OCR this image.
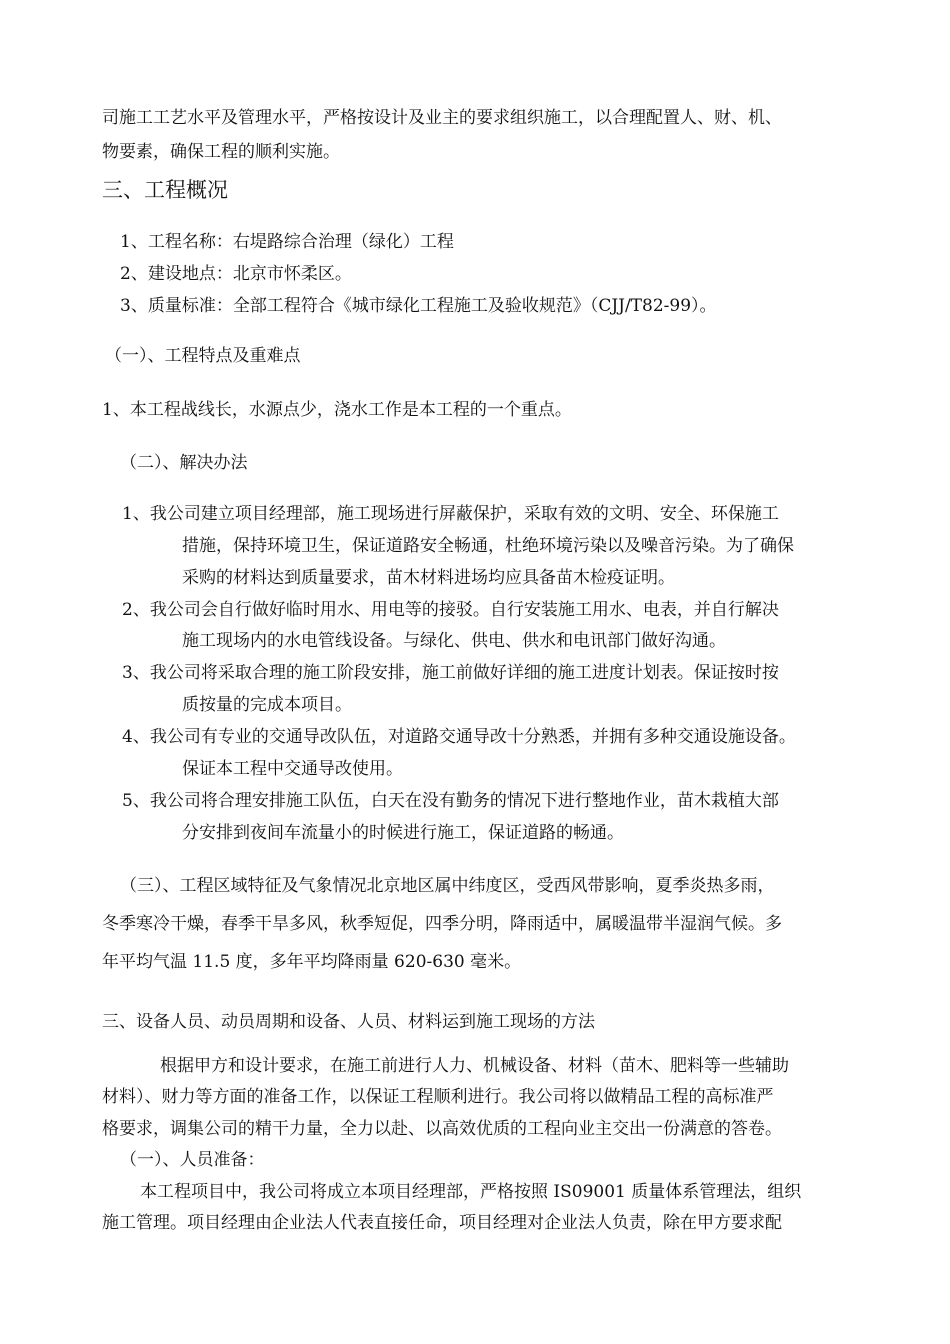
司施工工艺水平及管理水平，严格按设计及业主的要求组织施工，以合理配置人、财、机、
物要素，确保工程的顺利实施。
三、工程概况
1、工程名称：右堤路综合治理（绿化）工程
2、建设地点：北京市怀柔区。
3、质量标准：全部工程符合《城市绿化工程施工及验收规范》（CJJ/T82-99）。
（一）、工程特点及重难点
1、本工程战线长，水源点少，浇水工作是本工程的一个重点。
（二）、解决办法
1、我公司建立项目经理部，施工现场进行屏蔽保护，采取有效的文明、安全、环保施工
措施，保持环境卫生，保证道路安全畅通，杜绝环境污染以及噪音污染。为了确保
采购的材料达到质量要求，苗木材料进场均应具备苗木检疫证明。
2、我公司会自行做好临时用水、用电等的接驳。自行安装施工用水、电表，并自行解决
施工现场内的水电管线设备。与绿化、供电、供水和电讯部门做好沟通。
3、我公司将采取合理的施工阶段安排，施工前做好详细的施工进度计划表。保证按时按
质按量的完成本项目。
4、我公司有专业的交通导改队伍，对道路交通导改十分熟悉，并拥有多种交通设施设备。
保证本工程中交通导改使用。
5、我公司将合理安排施工队伍，白天在没有勤务的情况下进行整地作业，苗木栽植大部
分安排到夜间车流量小的时候进行施工，保证道路的畅通。
（三）、工程区域特征及气象情况北京地区属中纬度区，受西风带影响，夏季炎热多雨，
冬季寒冷干燥，春季干旱多风，秋季短促，四季分明，降雨适中，属暖温带半湿润气候。多
年平均气温 11.5 度，多年平均降雨量 620-630 毫米。
三、设备人员、动员周期和设备、人员、材料运到施工现场的方法
根据甲方和设计要求，在施工前进行人力、机械设备、材料（苗木、肥料等一些辅助
材料）、财力等方面的准备工作，以保证工程顺利进行。我公司将以做精品工程的高标准严
格要求，调集公司的精干力量，全力以赴、以高效优质的工程向业主交出一份满意的答卷。
（一）、人员准备：
本工程项目中，我公司将成立本项目经理部，严格按照 IS09001 质量体系管理法，组织
施工管理。项目经理由企业法人代表直接任命，项目经理对企业法人负责，除在甲方要求配
